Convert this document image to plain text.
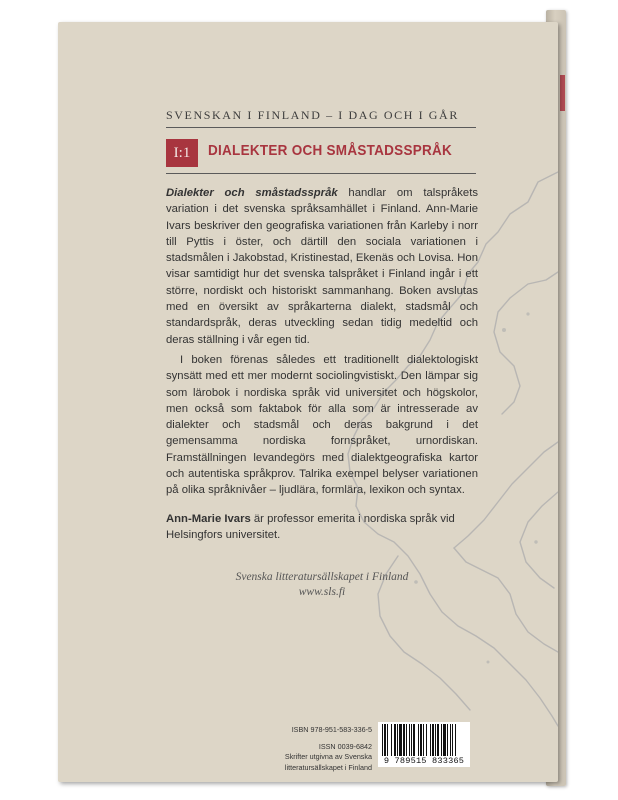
SVENSKAN I FINLAND – I DAG OCH I GÅR
I:1	DIALEKTER OCH SMÅSTADSSPRÅK

Dialekter och småstadsspråk handlar om talspråkets variation i det svenska språksamhället i Finland. Ann-Marie Ivars beskriver den geografiska variationen från Karleby i norr till Pyttis i öster, och därtill den sociala variationen i stadsmålen i Jakobstad, Kristinestad, Ekenäs och Lovisa. Hon visar samtidigt hur det svenska talspråket i Finland ingår i ett större, nordiskt och historiskt sammanhang. Boken avslutas med en översikt av språkarterna dialekt, stadsmål och standardspråk, deras utveckling sedan tidig medeltid och deras ställning i vår egen tid.

I boken förenas således ett traditionellt dialektologiskt synsätt med ett mer modernt sociolingvistiskt. Den lämpar sig som lärobok i nordiska språk vid universitet och högskolor, men också som faktabok för alla som är intresserade av dialekter och stadsmål och deras bakgrund i det gemensamma nordiska fornspråket, urnordiskan. Framställningen levandegörs med dialektgeografiska kartor och autentiska språkprov. Talrika exempel belyser variationen på olika språknivåer – ljudlära, formlära, lexikon och syntax.

Ann-Marie Ivars är professor emerita i nordiska språk vid Helsingfors universitet.

Svenska litteratursällskapet i Finland
www.sls.fi
ISBN 978-951-583-336-5
ISSN 0039-6842
Skrifter utgivna av Svenska
litteratursällskapet i Finland
9 789515 833365
